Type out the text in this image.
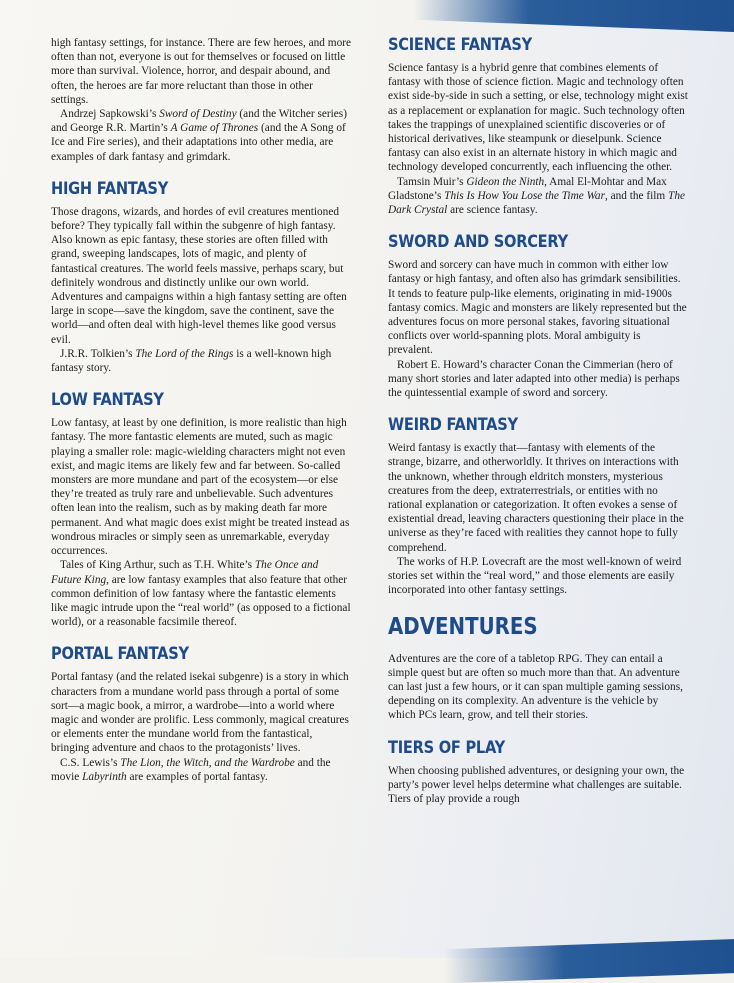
high fantasy settings, for instance. There are few heroes, and more often than not, everyone is out for themselves or focused on little more than survival. Violence, horror, and despair abound, and often, the heroes are far more reluctant than those in other settings.

Andrzej Sapkowski’s Sword of Destiny (and the Witcher series) and George R.R. Martin’s A Game of Thrones (and the A Song of Ice and Fire series), and their adaptations into other media, are examples of dark fantasy and grimdark.

HIGH FANTASY

Those dragons, wizards, and hordes of evil creatures mentioned before? They typically fall within the subgenre of high fantasy. Also known as epic fantasy, these stories are often filled with grand, sweeping landscapes, lots of magic, and plenty of fantastical creatures. The world feels massive, perhaps scary, but definitely wondrous and distinctly unlike our own world. Adventures and campaigns within a high fantasy setting are often large in scope—save the kingdom, save the continent, save the world—and often deal with high-level themes like good versus evil.

J.R.R. Tolkien’s The Lord of the Rings is a well-known high fantasy story.

LOW FANTASY

Low fantasy, at least by one definition, is more realistic than high fantasy. The more fantastic elements are muted, such as magic playing a smaller role: magic-wielding characters might not even exist, and magic items are likely few and far between. So-called monsters are more mundane and part of the ecosystem—or else they’re treated as truly rare and unbelievable. Such adventures often lean into the realism, such as by making death far more permanent. And what magic does exist might be treated instead as wondrous miracles or simply seen as unremarkable, everyday occurrences.

Tales of King Arthur, such as T.H. White’s The Once and Future King, are low fantasy examples that also feature that other common definition of low fantasy where the fantastic elements like magic intrude upon the “real world” (as opposed to a fictional world), or a reasonable facsimile thereof.

PORTAL FANTASY

Portal fantasy (and the related isekai subgenre) is a story in which characters from a mundane world pass through a portal of some sort—a magic book, a mirror, a wardrobe—into a world where magic and wonder are prolific. Less commonly, magical creatures or elements enter the mundane world from the fantastical, bringing adventure and chaos to the protagonists’ lives.

C.S. Lewis’s The Lion, the Witch, and the Wardrobe and the movie Labyrinth are examples of portal fantasy.

SCIENCE FANTASY

Science fantasy is a hybrid genre that combines elements of fantasy with those of science fiction. Magic and technology often exist side-by-side in such a setting, or else, technology might exist as a replacement or explanation for magic. Such technology often takes the trappings of unexplained scientific discoveries or of historical derivatives, like steampunk or dieselpunk. Science fantasy can also exist in an alternate history in which magic and technology developed concurrently, each influencing the other.

Tamsin Muir’s Gideon the Ninth, Amal El-Mohtar and Max Gladstone’s This Is How You Lose the Time War, and the film The Dark Crystal are science fantasy.

SWORD AND SORCERY

Sword and sorcery can have much in common with either low fantasy or high fantasy, and often also has grimdark sensibilities. It tends to feature pulp-like elements, originating in mid-1900s fantasy comics. Magic and monsters are likely represented but the adventures focus on more personal stakes, favoring situational conflicts over world-spanning plots. Moral ambiguity is prevalent.

Robert E. Howard’s character Conan the Cimmerian (hero of many short stories and later adapted into other media) is perhaps the quintessential example of sword and sorcery.

WEIRD FANTASY

Weird fantasy is exactly that—fantasy with elements of the strange, bizarre, and otherworldly. It thrives on interactions with the unknown, whether through eldritch monsters, mysterious creatures from the deep, extraterrestrials, or entities with no rational explanation or categorization. It often evokes a sense of existential dread, leaving characters questioning their place in the universe as they’re faced with realities they cannot hope to fully comprehend.

The works of H.P. Lovecraft are the most well-known of weird stories set within the “real word,” and those elements are easily incorporated into other fantasy settings.

ADVENTURES

Adventures are the core of a tabletop RPG. They can entail a simple quest but are often so much more than that. An adventure can last just a few hours, or it can span multiple gaming sessions, depending on its complexity. An adventure is the vehicle by which PCs learn, grow, and tell their stories.

TIERS OF PLAY

When choosing published adventures, or designing your own, the party’s power level helps determine what challenges are suitable. Tiers of play provide a rough
